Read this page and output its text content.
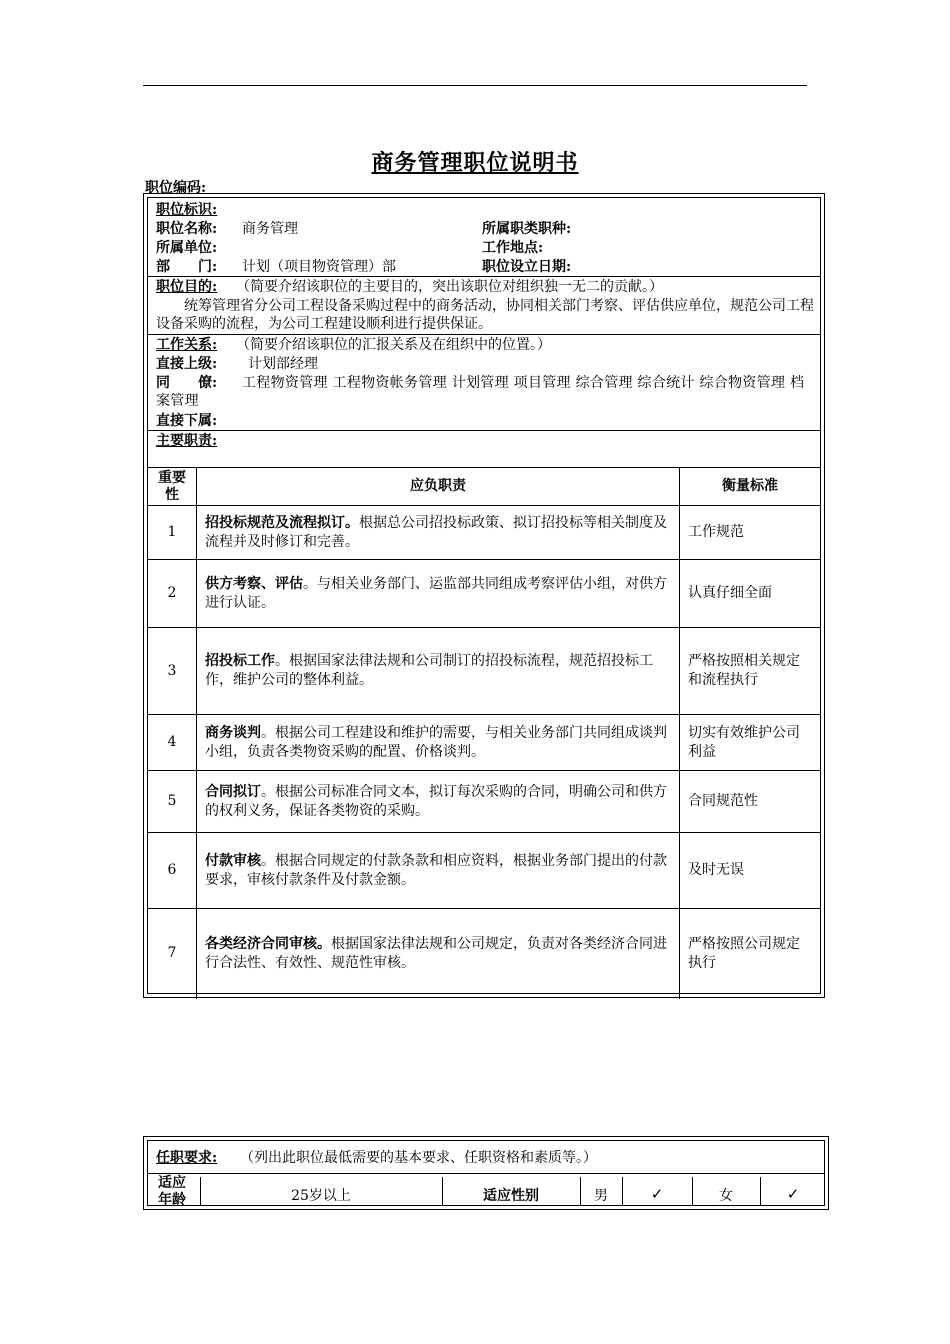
商务管理职位说明书
职位编码:
职位标识:
职位名称: 商务管理	所属职类职种:
所属单位:	工作地点:
部　　门: 计划（项目物资管理）部	职位设立日期:
职位目的: （简要介绍该职位的主要目的，突出该职位对组织独一无二的贡献。）
统筹管理省分公司工程设备采购过程中的商务活动，协同相关部门考察、评估供应单位，规范公司工程设备采购的流程，为公司工程建设顺利进行提供保证。
工作关系: （简要介绍该职位的汇报关系及在组织中的位置。）
直接上级: 计划部经理
同　　僚:	工程物资管理 工程物资帐务管理 计划管理 项目管理 综合管理 综合统计 综合物资管理 档案管理
直接下属:
主要职责:
重要性	应负职责	衡量标准
1	招投标规范及流程拟订。根据总公司招投标政策、拟订招投标等相关制度及流程并及时修订和完善。	工作规范
2	供方考察、评估。与相关业务部门、运监部共同组成考察评估小组，对供方进行认证。	认真仔细全面
3	招投标工作。根据国家法律法规和公司制订的招投标流程，规范招投标工作，维护公司的整体利益。	严格按照相关规定和流程执行
4	商务谈判。根据公司工程建设和维护的需要，与相关业务部门共同组成谈判小组，负责各类物资采购的配置、价格谈判。	切实有效维护公司利益
5	合同拟订。根据公司标准合同文本，拟订每次采购的合同，明确公司和供方的权利义务，保证各类物资的采购。	合同规范性
6	付款审核。根据合同规定的付款条款和相应资料，根据业务部门提出的付款要求，审核付款条件及付款金额。	及时无误
7	各类经济合同审核。根据国家法律法规和公司规定，负责对各类经济合同进行合法性、有效性、规范性审核。	严格按照公司规定执行
任职要求: （列出此职位最低需要的基本要求、任职资格和素质等。）
适应年龄	25岁以上	适应性别	男	✓	女	✓
